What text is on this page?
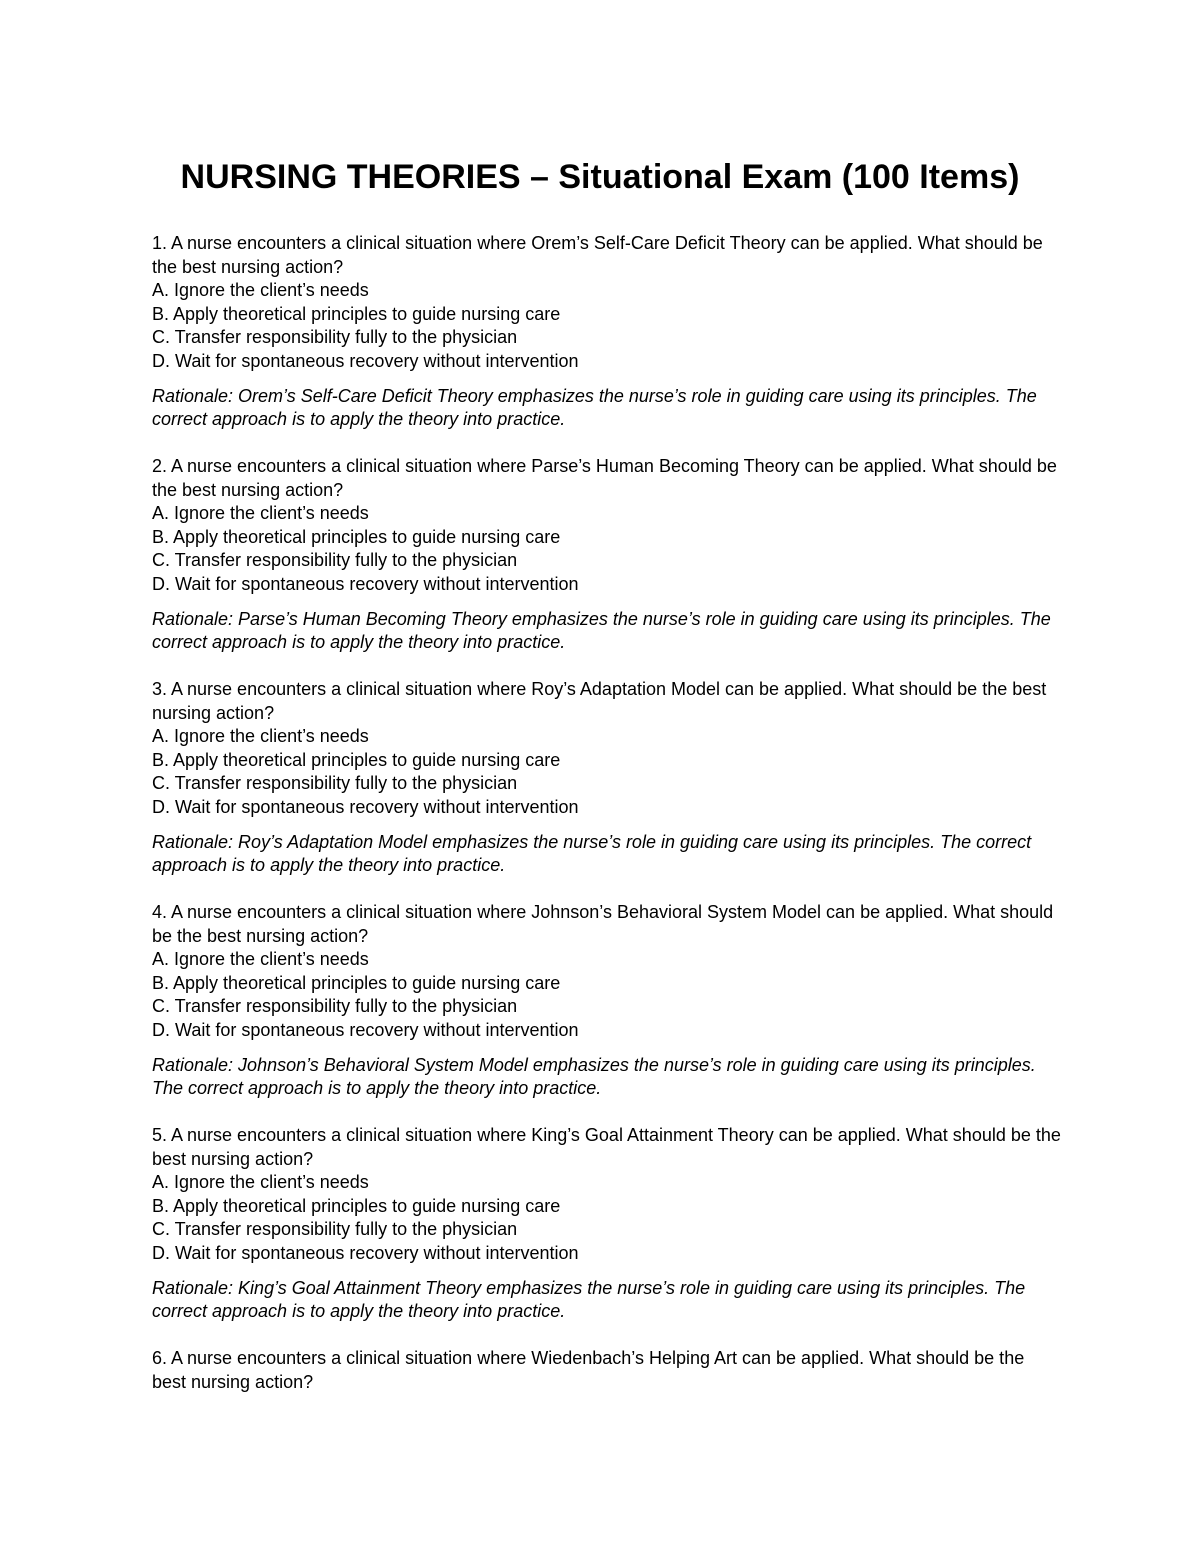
NURSING THEORIES – Situational Exam (100 Items)
1. A nurse encounters a clinical situation where Orem’s Self-Care Deficit Theory can be applied. What should be the best nursing action?
A. Ignore the client’s needs
B. Apply theoretical principles to guide nursing care
C. Transfer responsibility fully to the physician
D. Wait for spontaneous recovery without intervention
Rationale: Orem’s Self-Care Deficit Theory emphasizes the nurse’s role in guiding care using its principles. The correct approach is to apply the theory into practice.
2. A nurse encounters a clinical situation where Parse’s Human Becoming Theory can be applied. What should be the best nursing action?
A. Ignore the client’s needs
B. Apply theoretical principles to guide nursing care
C. Transfer responsibility fully to the physician
D. Wait for spontaneous recovery without intervention
Rationale: Parse’s Human Becoming Theory emphasizes the nurse’s role in guiding care using its principles. The correct approach is to apply the theory into practice.
3. A nurse encounters a clinical situation where Roy’s Adaptation Model can be applied. What should be the best nursing action?
A. Ignore the client’s needs
B. Apply theoretical principles to guide nursing care
C. Transfer responsibility fully to the physician
D. Wait for spontaneous recovery without intervention
Rationale: Roy’s Adaptation Model emphasizes the nurse’s role in guiding care using its principles. The correct approach is to apply the theory into practice.
4. A nurse encounters a clinical situation where Johnson’s Behavioral System Model can be applied. What should be the best nursing action?
A. Ignore the client’s needs
B. Apply theoretical principles to guide nursing care
C. Transfer responsibility fully to the physician
D. Wait for spontaneous recovery without intervention
Rationale: Johnson’s Behavioral System Model emphasizes the nurse’s role in guiding care using its principles. The correct approach is to apply the theory into practice.
5. A nurse encounters a clinical situation where King’s Goal Attainment Theory can be applied. What should be the best nursing action?
A. Ignore the client’s needs
B. Apply theoretical principles to guide nursing care
C. Transfer responsibility fully to the physician
D. Wait for spontaneous recovery without intervention
Rationale: King’s Goal Attainment Theory emphasizes the nurse’s role in guiding care using its principles. The correct approach is to apply the theory into practice.
6. A nurse encounters a clinical situation where Wiedenbach’s Helping Art can be applied. What should be the best nursing action?
